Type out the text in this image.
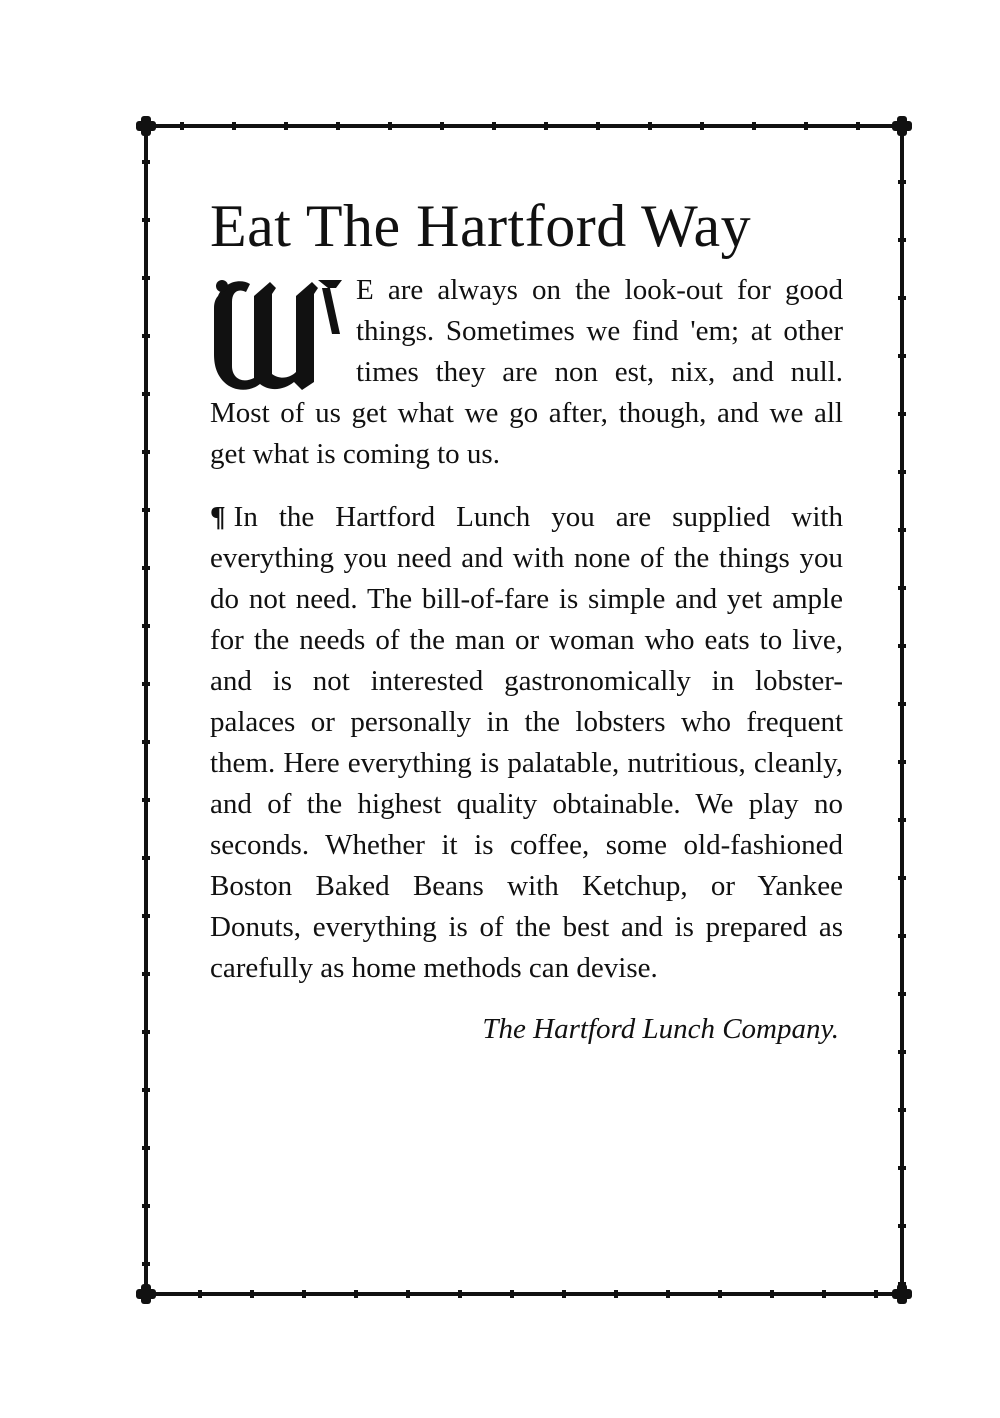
Eat The Hartford Way

E are always on the look-out for good things. Sometimes we find 'em; at other times they are non est, nix, and null. Most of us get what we go after, though, and we all get what is coming to us.

¶ In the Hartford Lunch you are supplied with everything you need and with none of the things you do not need. The bill-of-fare is simple and yet ample for the needs of the man or woman who eats to live, and is not interested gastronomically in lobster-palaces or personally in the lobsters who frequent them. Here everything is palatable, nutritious, cleanly, and of the highest quality obtainable. We play no seconds. Whether it is coffee, some old-fashioned Boston Baked Beans with Ketchup, or Yankee Donuts, everything is of the best and is prepared as carefully as home methods can devise.

The Hartford Lunch Company.
